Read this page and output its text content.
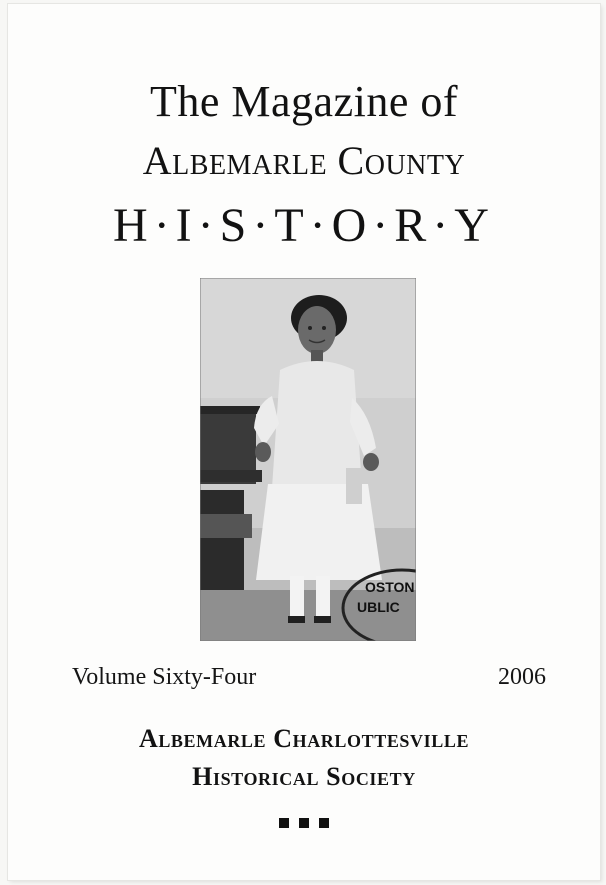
The Magazine of
Albemarle County
H·I·S·T·O·R·Y
OSTON
UBLIC
Volume Sixty-Four	2006
Albemarle Charlottesville
Historical Society
